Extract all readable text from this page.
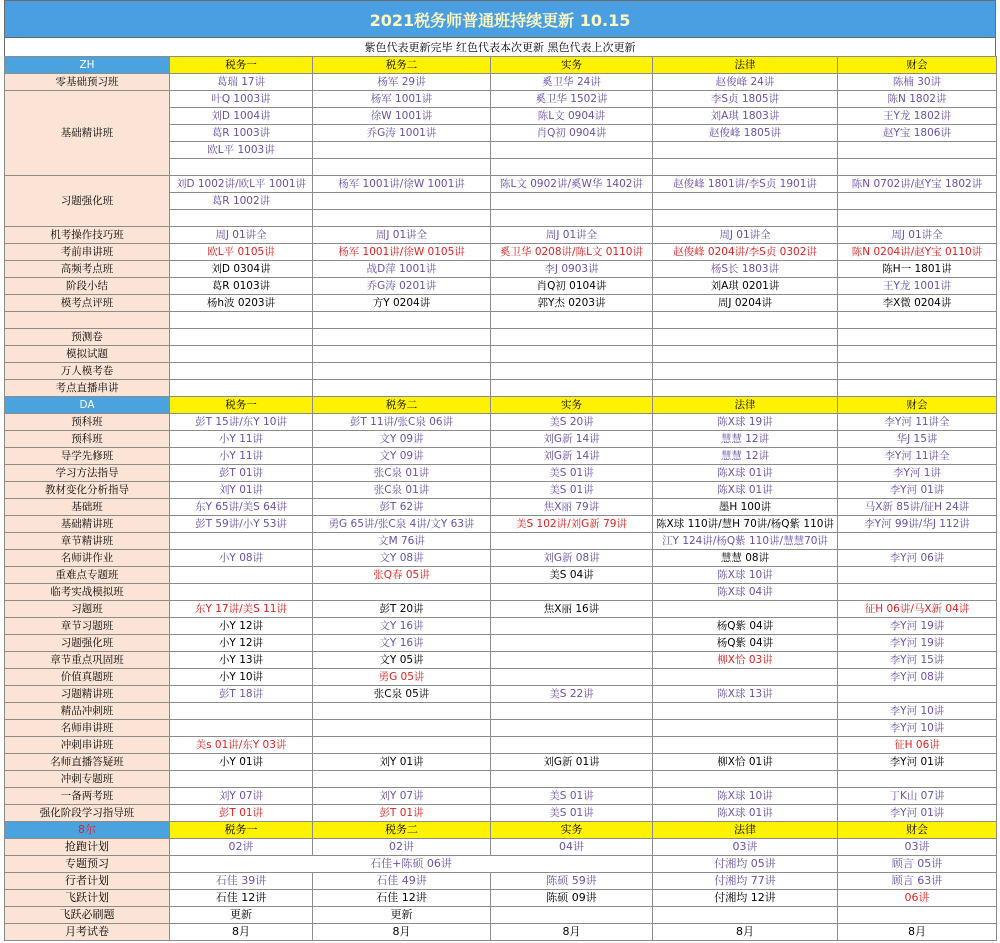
2021税务师普通班持续更新 10.15
紫色代表更新完毕 红色代表本次更新 黑色代表上次更新
ZH	税务一	税务二	实务	法律	财会
零基础预习班	葛瑞 17讲	杨军 29讲	奚卫华 24讲	赵俊峰 24讲	陈楠 30讲
基础精讲班	叶Q 1003讲	杨军 1001讲	奚卫华 1502讲	李S贞 1805讲	陈N 1802讲
	刘D 1004讲	徐W 1001讲	陈L文 0904讲	刘A琪 1803讲	王Y龙 1802讲
	葛R 1003讲	乔G涛 1001讲	肖Q初 0904讲	赵俊峰 1805讲	赵Y宝 1806讲
	欧L平 1003讲				

习题强化班	刘D 1002讲/欧L平 1001讲	杨军 1001讲/徐W 1001讲	陈L文 0902讲/奚W华 1402讲	赵俊峰 1801讲/李S贞 1901讲	陈N 0702讲/赵Y宝 1802讲
	葛R 1002讲				

机考操作技巧班	周J 01讲全	周J 01讲全	周J 01讲全	周J 01讲全	周J 01讲全
考前串讲班	欧L平 0105讲	杨军 1001讲/徐W 0105讲	奚卫华 0208讲/陈L文 0110讲	赵俊峰 0204讲/李S贞 0302讲	陈N 0204讲/赵Y宝 0110讲
高频考点班	刘D 0304讲	战D萍 1001讲	李J 0903讲	杨S长 1803讲	陈H一 1801讲
阶段小结	葛R 0103讲	乔G涛 0201讲	肖Q初 0104讲	刘A琪 0201讲	王Y龙 1001讲
模考点评班	杨h波 0203讲	方Y 0204讲	郭Y杰 0203讲	周J 0204讲	李X微 0204讲

预测卷					
模拟试题					
万人模考卷					
考点直播串讲					
DA	税务一	税务二	实务	法律	财会
预科班	彭T 15讲/东Y 10讲	彭T 11讲/张C泉 06讲	美S 20讲	陈X球 19讲	李Y河 11讲全
预科班	小Y 11讲	文Y 09讲	刘G新 14讲	慧慧 12讲	华J 15讲
导学先修班	小Y 11讲	文Y 09讲	刘G新 14讲	慧慧 12讲	李Y河 11讲全
学习方法指导	彭T 01讲	张C泉 01讲	美S 01讲	陈X球 01讲	李Y河 1讲
教材变化分析指导	刘Y 01讲	张C泉 01讲	美S 01讲	陈X球 01讲	李Y河 01讲
基础班	东Y 65讲/美S 64讲	彭T 62讲	焦X丽 79讲	墨H 100讲	马X新 85讲/征H 24讲
基础精讲班	彭T 59讲/小Y 53讲	勇G 65讲/张C泉 4讲/文Y 63讲	美S 102讲/刘G新 79讲	陈X球 110讲/慧H 70讲/杨Q紫 110讲	李Y河 99讲/华J 112讲
章节精讲班		文M 76讲		江Y 124讲/杨Q紫 110讲/慧慧70讲	
名师讲作业	小Y 08讲	文Y 08讲	刘G新 08讲	慧慧 08讲	李Y河 06讲
重难点专题班		张Q春 05讲	美S 04讲	陈X球 10讲	
临考实战模拟班				陈X球 04讲	
习题班	东Y 17讲/美S 11讲	彭T 20讲	焦X丽 16讲		征H 06讲/马X新 04讲
章节习题班	小Y 12讲	文Y 16讲		杨Q紫 04讲	李Y河 19讲
习题强化班	小Y 12讲	文Y 16讲		杨Q紫 04讲	李Y河 19讲
章节重点巩固班	小Y 13讲	文Y 05讲		柳X恰 03讲	李Y河 15讲
价值真题班	小Y 10讲	勇G 05讲			李Y河 08讲
习题精讲班	彭T 18讲	张C泉 05讲	美S 22讲	陈X球 13讲	
精品冲刺班					李Y河 10讲
名师串讲班					李Y河 10讲
冲刺串讲班	美s 01讲/东Y 03讲				征H 06讲
名师直播答疑班	小Y 01讲	刘Y 01讲	刘G新 01讲	柳X恰 01讲	李Y河 01讲
冲刺专题班					
一备两考班	刘Y 07讲	刘Y 07讲	美S 01讲	陈X球 10讲	丁K山 07讲
强化阶段学习指导班	彭T 01讲	彭T 01讲	美S 01讲	陈X球 01讲	李Y河 01讲
8尔	税务一	税务二	实务	法律	财会
抢跑计划	02讲	02讲	04讲	03讲	03讲
专题预习	石佳+陈硕 06讲			付湘均 05讲	顾言 05讲
行者计划	石佳 39讲	石佳 49讲	陈硕 59讲	付湘均 77讲	顾言 63讲
飞跃计划	石佳 12讲	石佳 12讲	陈硕 09讲	付湘均 12讲	06讲
飞跃必刷题	更新	更新			
月考试卷	8月	8月	8月	8月	8月
